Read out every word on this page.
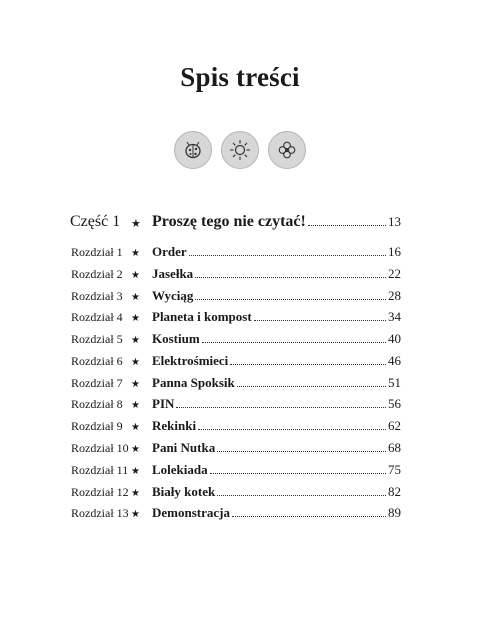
Spis treści
Część 1 ★ Proszę tego nie czytać!	13
Rozdział 1 ★ Order	16
Rozdział 2 ★ Jasełka	22
Rozdział 3 ★ Wyciąg	28
Rozdział 4 ★ Planeta i kompost	34
Rozdział 5 ★ Kostium	40
Rozdział 6 ★ Elektrośmieci	46
Rozdział 7 ★ Panna Spoksik	51
Rozdział 8 ★ PIN	56
Rozdział 9 ★ Rekinki	62
Rozdział 10 ★ Pani Nutka	68
Rozdział 11 ★ Lolekiada	75
Rozdział 12 ★ Biały kotek	82
Rozdział 13 ★ Demonstracja	89
